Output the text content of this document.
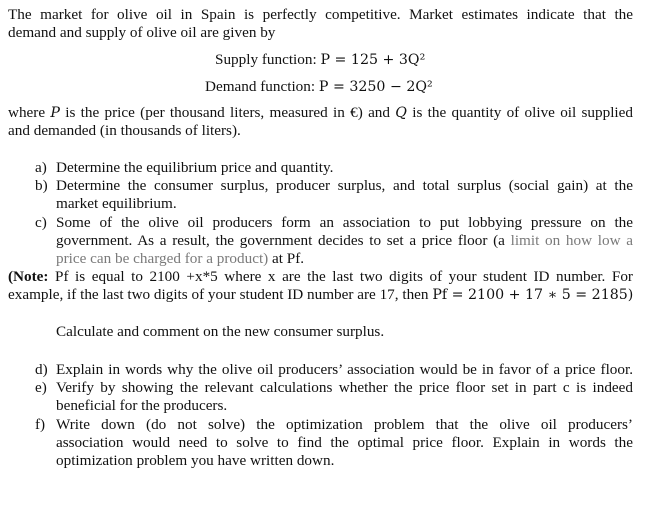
The market for olive oil in Spain is perfectly competitive. Market estimates indicate that the
demand and supply of olive oil are given by
Supply function: P = 125 + 3Q²
Demand function: P = 3250 − 2Q²
where P is the price (per thousand liters, measured in €) and Q is the quantity of olive oil supplied
and demanded (in thousands of liters).
a) Determine the equilibrium price and quantity.
b) Determine the consumer surplus, producer surplus, and total surplus (social gain) at the
market equilibrium.
c) Some of the olive oil producers form an association to put lobbying pressure on the
government. As a result, the government decides to set a price floor (a limit on how low a
price can be charged for a product) at Pf.
(Note: Pf is equal to 2100 +x*5 where x are the last two digits of your student ID number. For
example, if the last two digits of your student ID number are 17, then Pf = 2100 + 17 ∗ 5 = 2185)
Calculate and comment on the new consumer surplus.
d) Explain in words why the olive oil producers’ association would be in favor of a price floor.
e) Verify by showing the relevant calculations whether the price floor set in part c is indeed
beneficial for the producers.
f) Write down (do not solve) the optimization problem that the olive oil producers’
association would need to solve to find the optimal price floor. Explain in words the
optimization problem you have written down.
